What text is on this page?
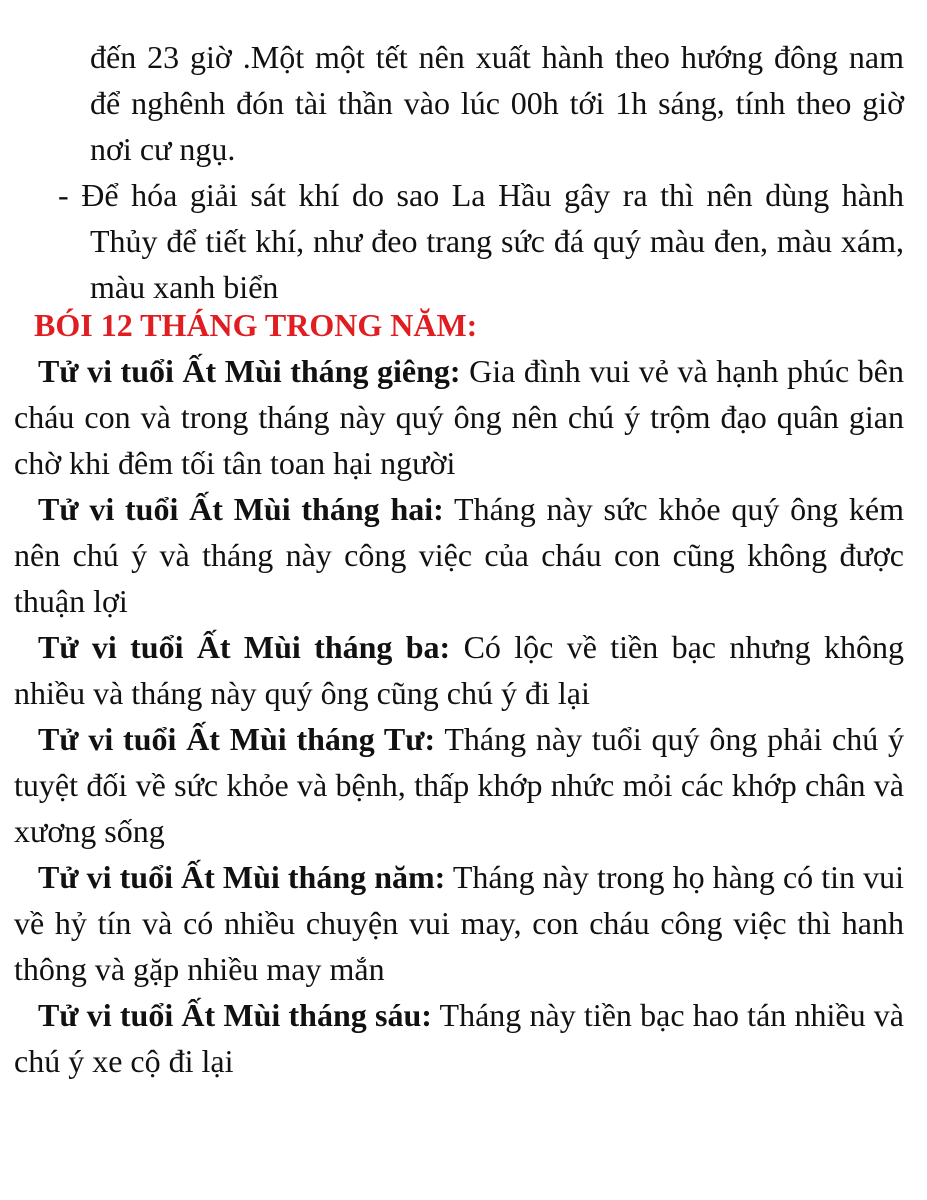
đến 23 giờ .Một một tết nên xuất hành theo hướng đông nam để nghênh đón tài thần vào lúc 00h tới 1h sáng, tính theo giờ nơi cư ngụ.

- Để hóa giải sát khí do sao La Hầu gây ra thì nên dùng hành Thủy để tiết khí, như đeo trang sức đá quý màu đen, màu xám, màu xanh biển

BÓI 12 THÁNG TRONG NĂM:

Tử vi tuổi Ất Mùi tháng giêng: Gia đình vui vẻ và hạnh phúc bên cháu con và trong tháng này quý ông nên chú ý trộm đạo quân gian chờ khi đêm tối tân toan hại người

Tử vi tuổi Ất Mùi tháng hai: Tháng này sức khỏe quý ông kém nên chú ý và tháng này công việc của cháu con cũng không được thuận lợi

Tử vi tuổi Ất Mùi tháng ba: Có lộc về tiền bạc nhưng không nhiều và tháng này quý ông cũng chú ý đi lại

Tử vi tuổi Ất Mùi tháng Tư: Tháng này tuổi quý ông phải chú ý tuyệt đối về sức khỏe và bệnh, thấp khớp nhức mỏi các khớp chân và xương sống

Tử vi tuổi Ất Mùi tháng năm: Tháng này trong họ hàng có tin vui về hỷ tín và có nhiều chuyện vui may, con cháu công việc thì hanh thông và gặp nhiều may mắn

Tử vi tuổi Ất Mùi tháng sáu: Tháng này tiền bạc hao tán nhiều và chú ý xe cộ đi lại
